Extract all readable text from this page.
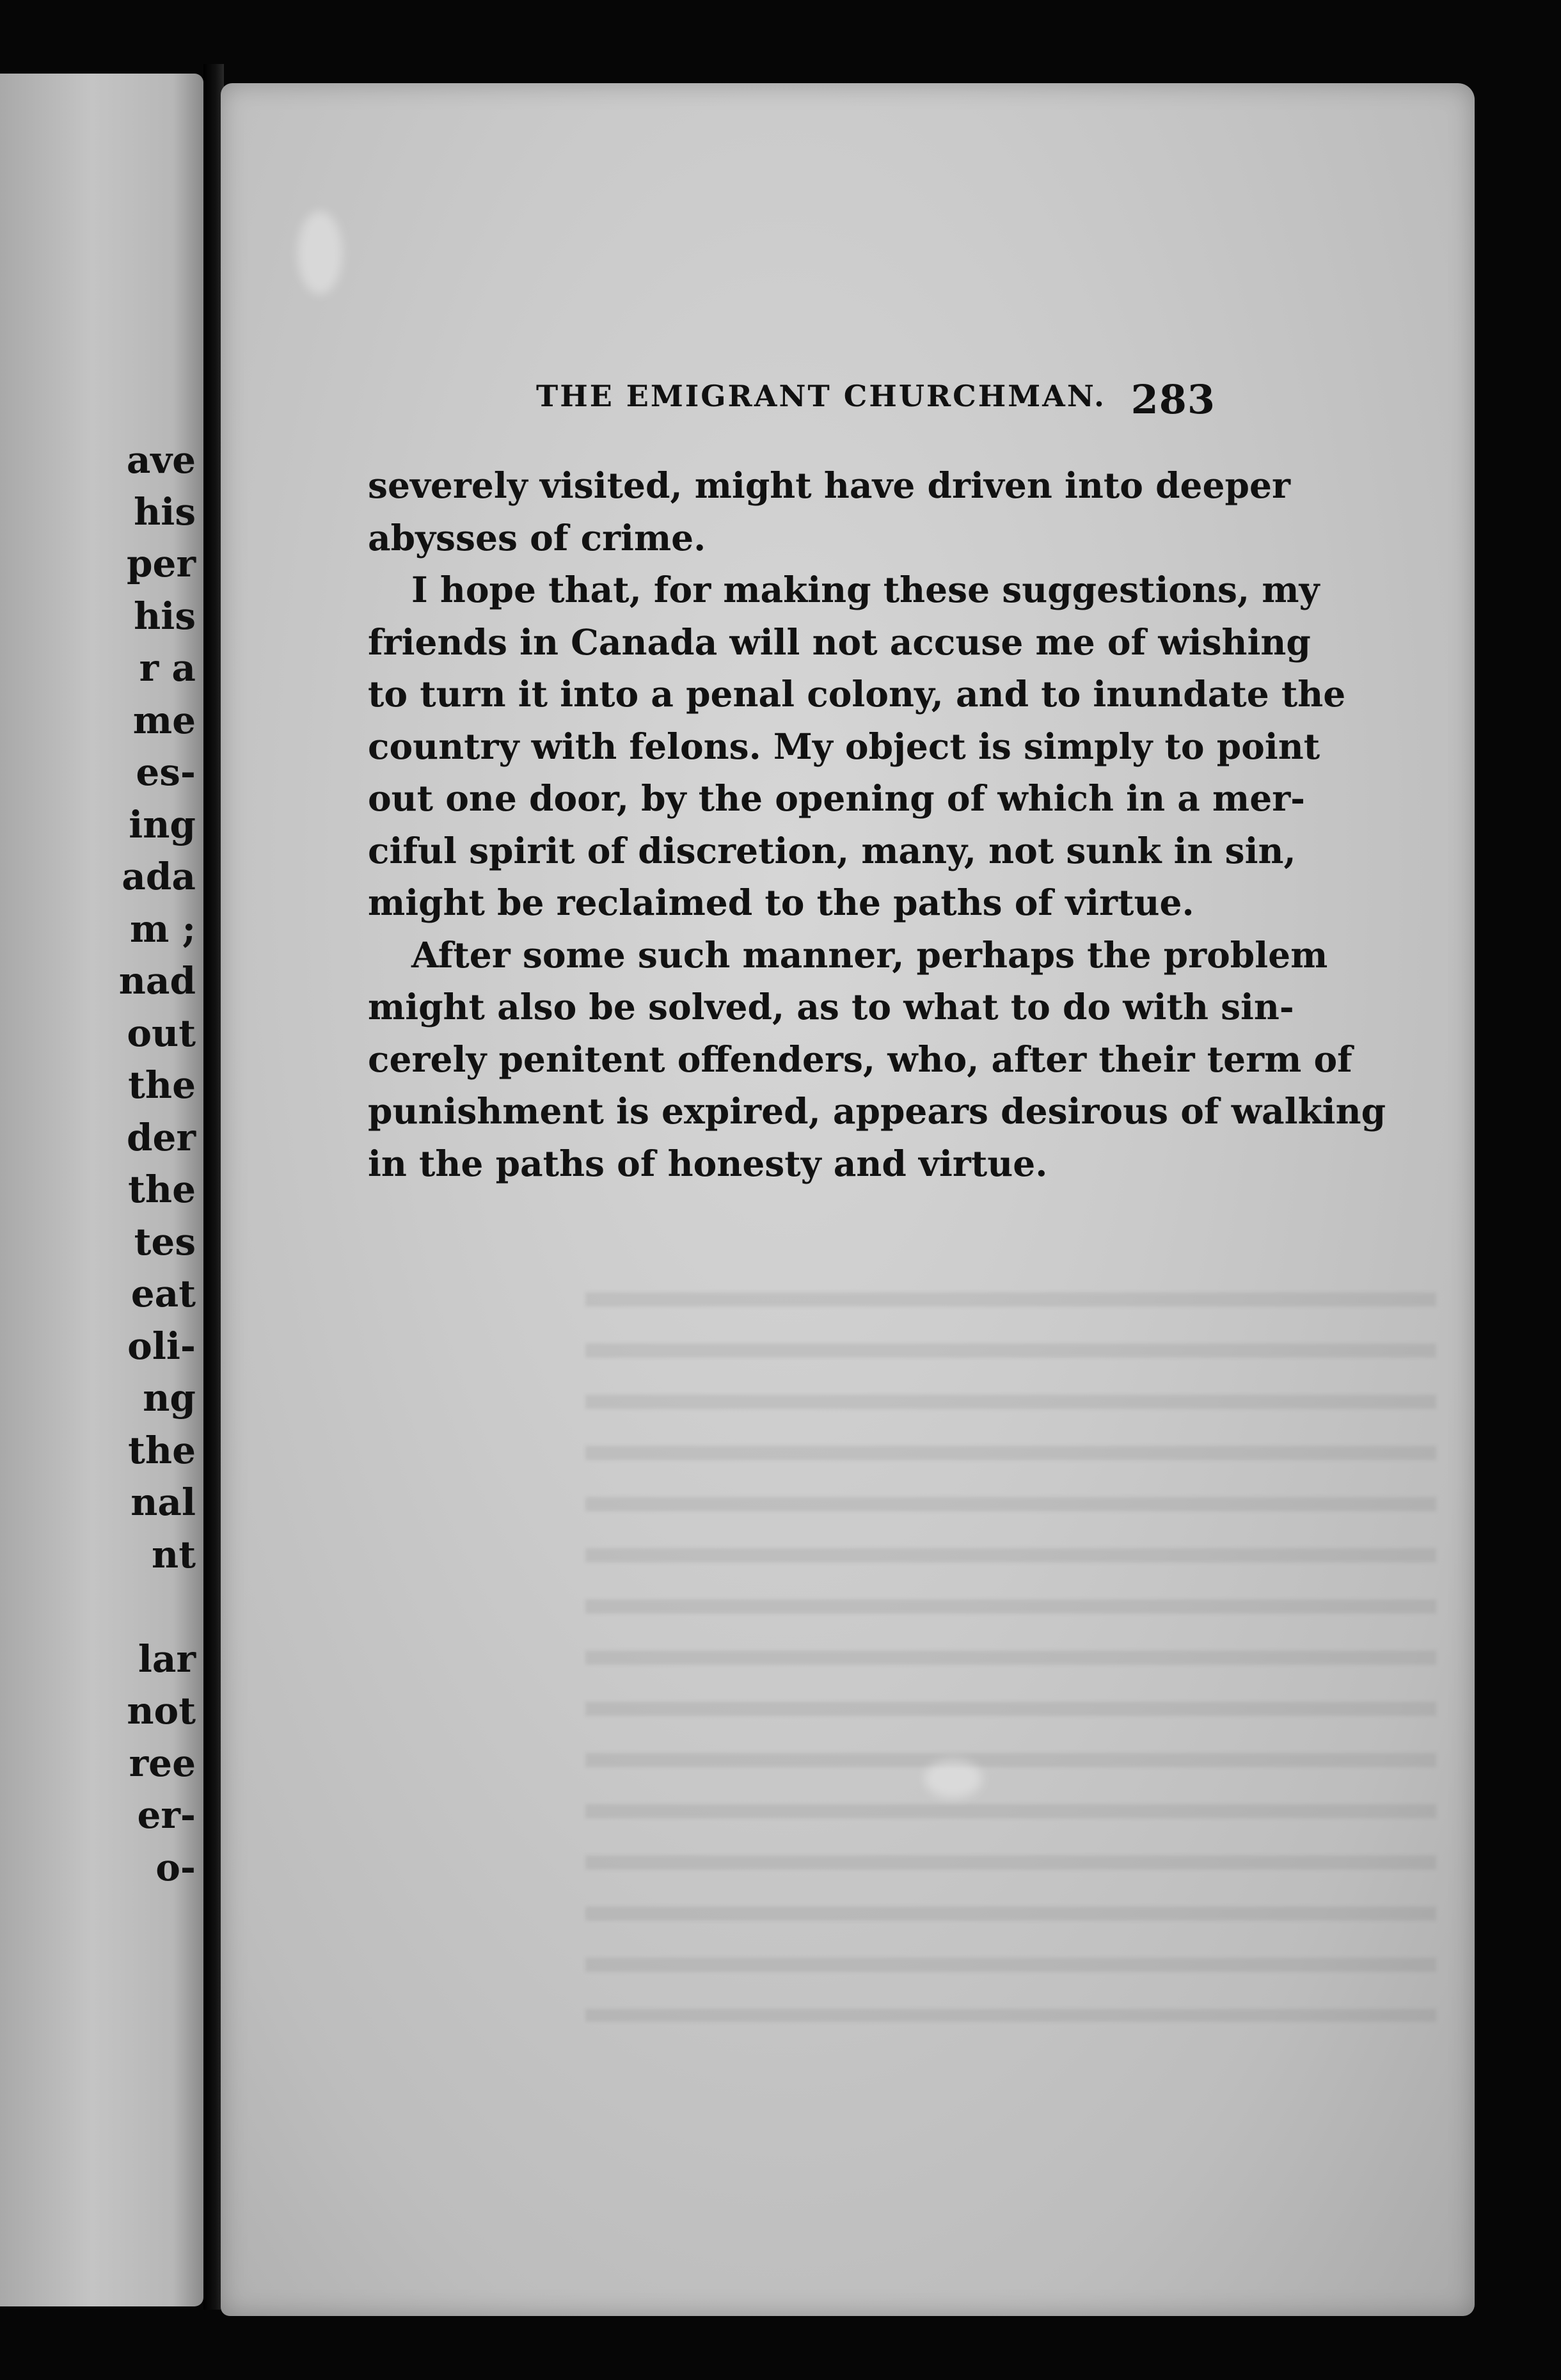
ave
his
per
his
r a
me
es-
ing
ada
m ;
nad
out
the
der
the
tes
eat
oli-
ng
the
nal
nt
lar
not
ree
er-
o-
THE EMIGRANT CHURCHMAN. 283
severely visited, might have driven into deeper
abysses of crime.
I hope that, for making these suggestions, my
friends in Canada will not accuse me of wishing
to turn it into a penal colony, and to inundate the
country with felons. My object is simply to point
out one door, by the opening of which in a mer-
ciful spirit of discretion, many, not sunk in sin,
might be reclaimed to the paths of virtue.
After some such manner, perhaps the problem
might also be solved, as to what to do with sin-
cerely penitent offenders, who, after their term of
punishment is expired, appears desirous of walking
in the paths of honesty and virtue.
